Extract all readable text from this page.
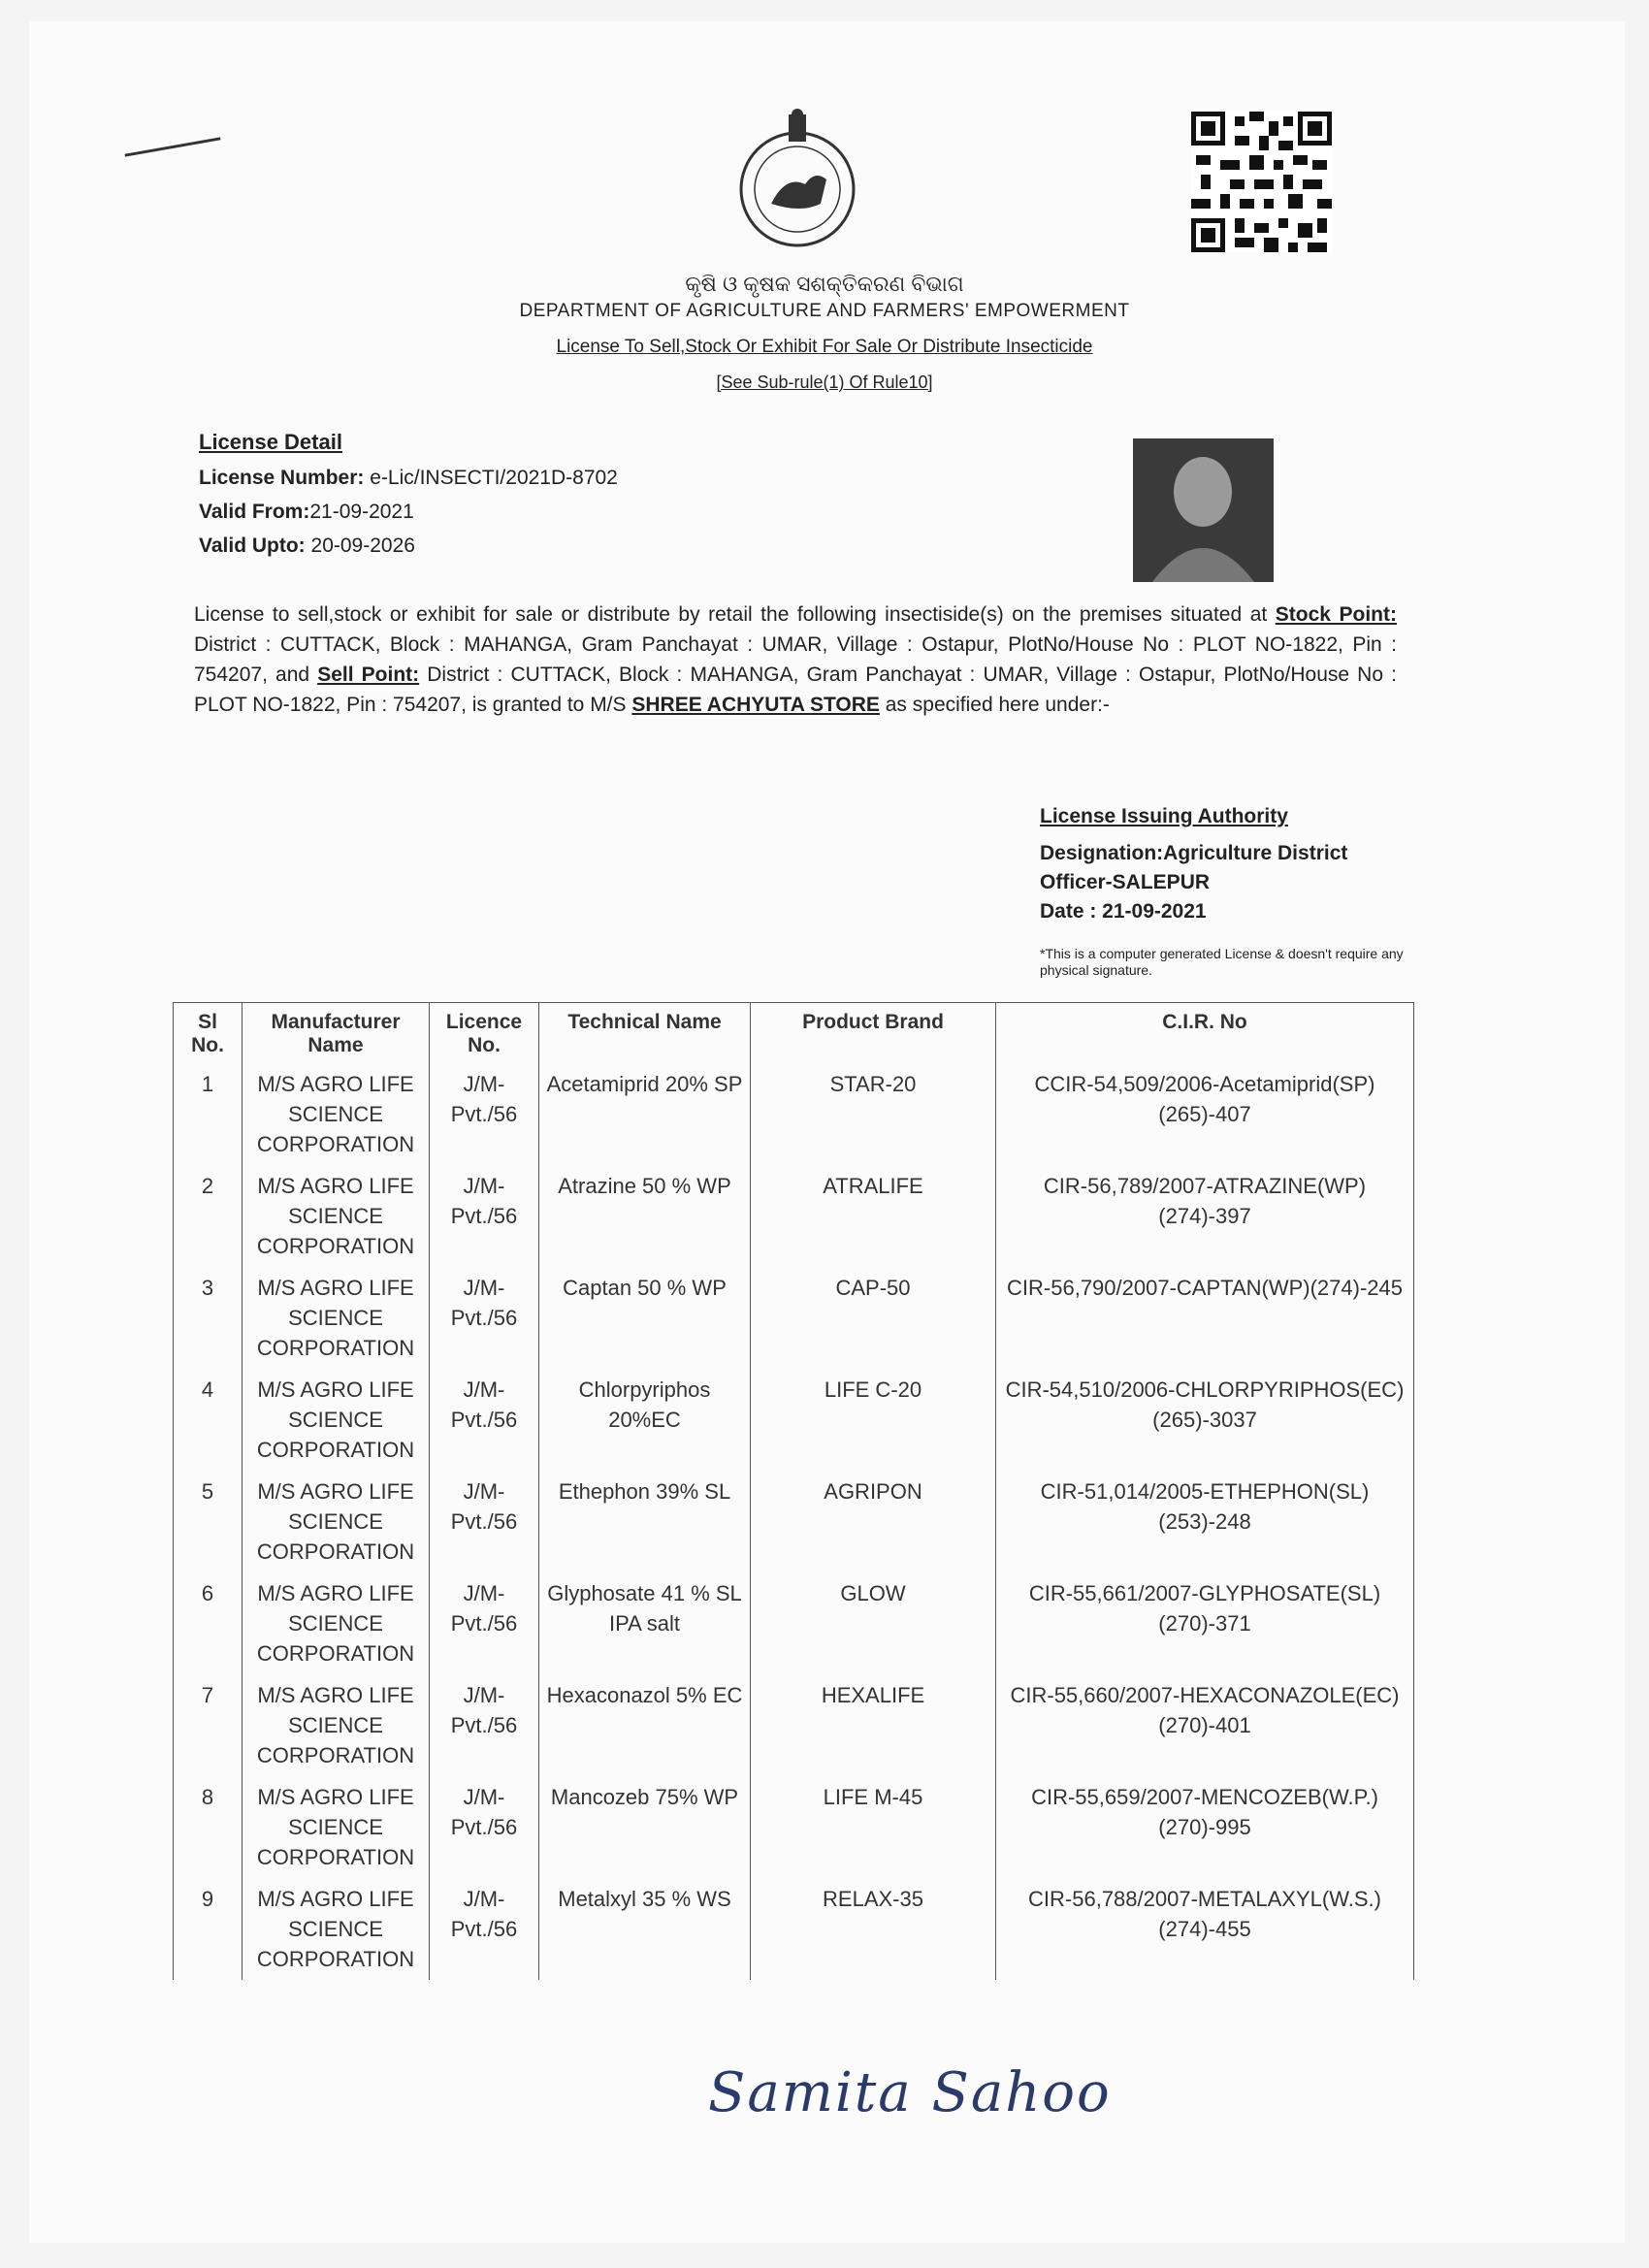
କୃଷି ଓ କୃଷକ ସଶକ୍ତିକରଣ ବିଭାଗ
DEPARTMENT OF AGRICULTURE AND FARMERS' EMPOWERMENT
License To Sell,Stock Or Exhibit For Sale Or Distribute Insecticide
[See Sub-rule(1) Of Rule10]
License Detail
License Number: e-Lic/INSECTI/2021D-8702
Valid From:21-09-2021
Valid Upto: 20-09-2026
License to sell,stock or exhibit for sale or distribute by retail the following insectiside(s) on the premises situated at Stock Point: District : CUTTACK, Block : MAHANGA, Gram Panchayat : UMAR, Village : Ostapur, PlotNo/House No : PLOT NO-1822, Pin : 754207, and Sell Point: District : CUTTACK, Block : MAHANGA, Gram Panchayat : UMAR, Village : Ostapur, PlotNo/House No : PLOT NO-1822, Pin : 754207, is granted to M/S SHREE ACHYUTA STORE as specified here under:-
License Issuing Authority
Designation:Agriculture District Officer-SALEPUR
Date : 21-09-2021
*This is a computer generated License & doesn't require any physical signature.
Sl No.	Manufacturer Name	Licence No.	Technical Name	Product Brand	C.I.R. No
1	M/S AGRO LIFE SCIENCE CORPORATION	J/M-Pvt./56	Acetamiprid 20% SP	STAR-20	CCIR-54,509/2006-Acetamiprid(SP)(265)-407
2	M/S AGRO LIFE SCIENCE CORPORATION	J/M-Pvt./56	Atrazine 50 % WP	ATRALIFE	CIR-56,789/2007-ATRAZINE(WP)(274)-397
3	M/S AGRO LIFE SCIENCE CORPORATION	J/M-Pvt./56	Captan 50 % WP	CAP-50	CIR-56,790/2007-CAPTAN(WP)(274)-245
4	M/S AGRO LIFE SCIENCE CORPORATION	J/M-Pvt./56	Chlorpyriphos 20%EC	LIFE C-20	CIR-54,510/2006-CHLORPYRIPHOS(EC)(265)-3037
5	M/S AGRO LIFE SCIENCE CORPORATION	J/M-Pvt./56	Ethephon 39% SL	AGRIPON	CIR-51,014/2005-ETHEPHON(SL)(253)-248
6	M/S AGRO LIFE SCIENCE CORPORATION	J/M-Pvt./56	Glyphosate 41 % SL IPA salt	GLOW	CIR-55,661/2007-GLYPHOSATE(SL)(270)-371
7	M/S AGRO LIFE SCIENCE CORPORATION	J/M-Pvt./56	Hexaconazol 5% EC	HEXALIFE	CIR-55,660/2007-HEXACONAZOLE(EC)(270)-401
8	M/S AGRO LIFE SCIENCE CORPORATION	J/M-Pvt./56	Mancozeb 75% WP	LIFE M-45	CIR-55,659/2007-MENCOZEB(W.P.)(270)-995
9	M/S AGRO LIFE SCIENCE CORPORATION	J/M-Pvt./56	Metalxyl 35 % WS	RELAX-35	CIR-56,788/2007-METALAXYL(W.S.)(274)-455
Samita Sahoo
